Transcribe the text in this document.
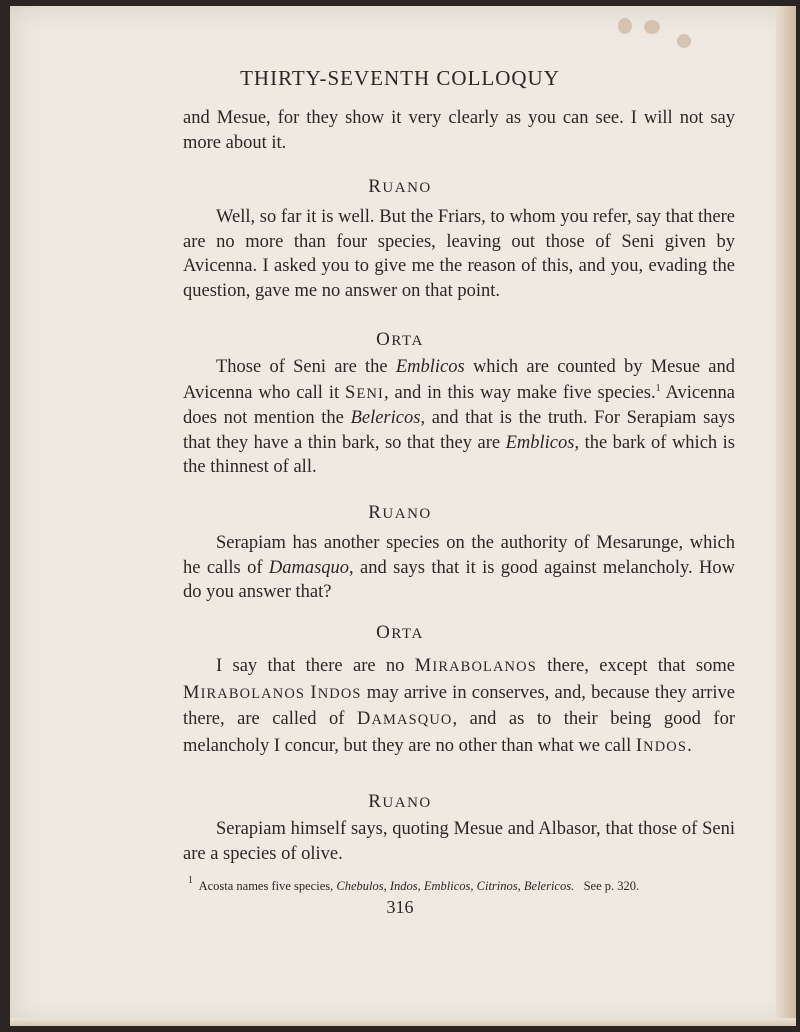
THIRTY-SEVENTH COLLOQUY

and Mesue, for they show it very clearly as you can see. I will not say more about it.

RUANO

Well, so far it is well. But the Friars, to whom you refer, say that there are no more than four species, leaving out those of Seni given by Avicenna. I asked you to give me the reason of this, and you, evading the question, gave me no answer on that point.

ORTA

Those of Seni are the Emblicos which are counted by Mesue and Avicenna who call it SENI, and in this way make five species.$^1$ Avicenna does not mention the Belericos, and that is the truth. For Serapiam says that they have a thin bark, so that they are Emblicos, the bark of which is the thinnest of all.

RUANO

Serapiam has another species on the authority of Mesarunge, which he calls of Damasquo, and says that it is good against melancholy. How do you answer that?

ORTA

I say that there are no MIRABOLANOS there, except that some MIRABOLANOS INDOS may arrive in conserves, and, because they arrive there, are called of DAMASQUO, and as to their being good for melancholy I concur, but they are no other than what we call INDOS.

RUANO

Serapiam himself says, quoting Mesue and Albasor, that those of Seni are a species of olive.

$^1$ Acosta names five species, Chebulos, Indos, Emblicos, Citrinos, Belericos. See p. 320.
316
